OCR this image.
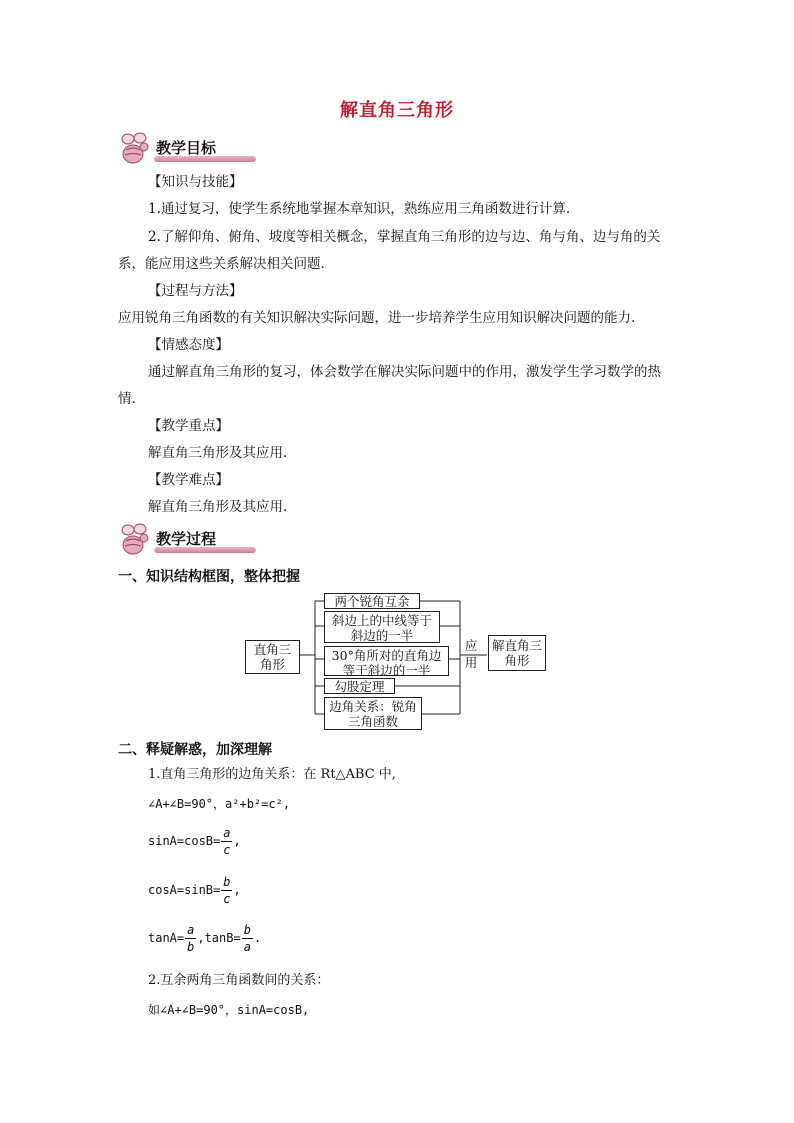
解直角三角形
教学目标
【知识与技能】
1.通过复习，使学生系统地掌握本章知识，熟练应用三角函数进行计算.
2.了解仰角、俯角、坡度等相关概念，掌握直角三角形的边与边、角与角、边与角的关
系，能应用这些关系解决相关问题.
【过程与方法】
应用锐角三角函数的有关知识解决实际问题，进一步培养学生应用知识解决问题的能力.
【情感态度】
通过解直角三角形的复习，体会数学在解决实际问题中的作用，激发学生学习数学的热
情.
【教学重点】
解直角三角形及其应用.
【教学难点】
解直角三角形及其应用.
教学过程
一、知识结构框图，整体把握
直角三角形
两个锐角互余
斜边上的中线等于斜边的一半
30°角所对的直角边等于斜边的一半
勾股定理
边角关系：锐角三角函数
应用
解直角三角形
二、释疑解惑，加深理解
1.直角三角形的边角关系：在 Rt△ABC 中,
∠A+∠B=90°，a²+b²=c²,
$\sin A=\cos B= \frac{a}{c}$ ,
$\cos A=\sin B= \frac{b}{c}$ ,
$\tan A= \frac{a}{b} ,\tan B= \frac{b}{a}$ .
2.互余两角三角函数间的关系：
如∠A+∠B=90°，sinA=cosB,
